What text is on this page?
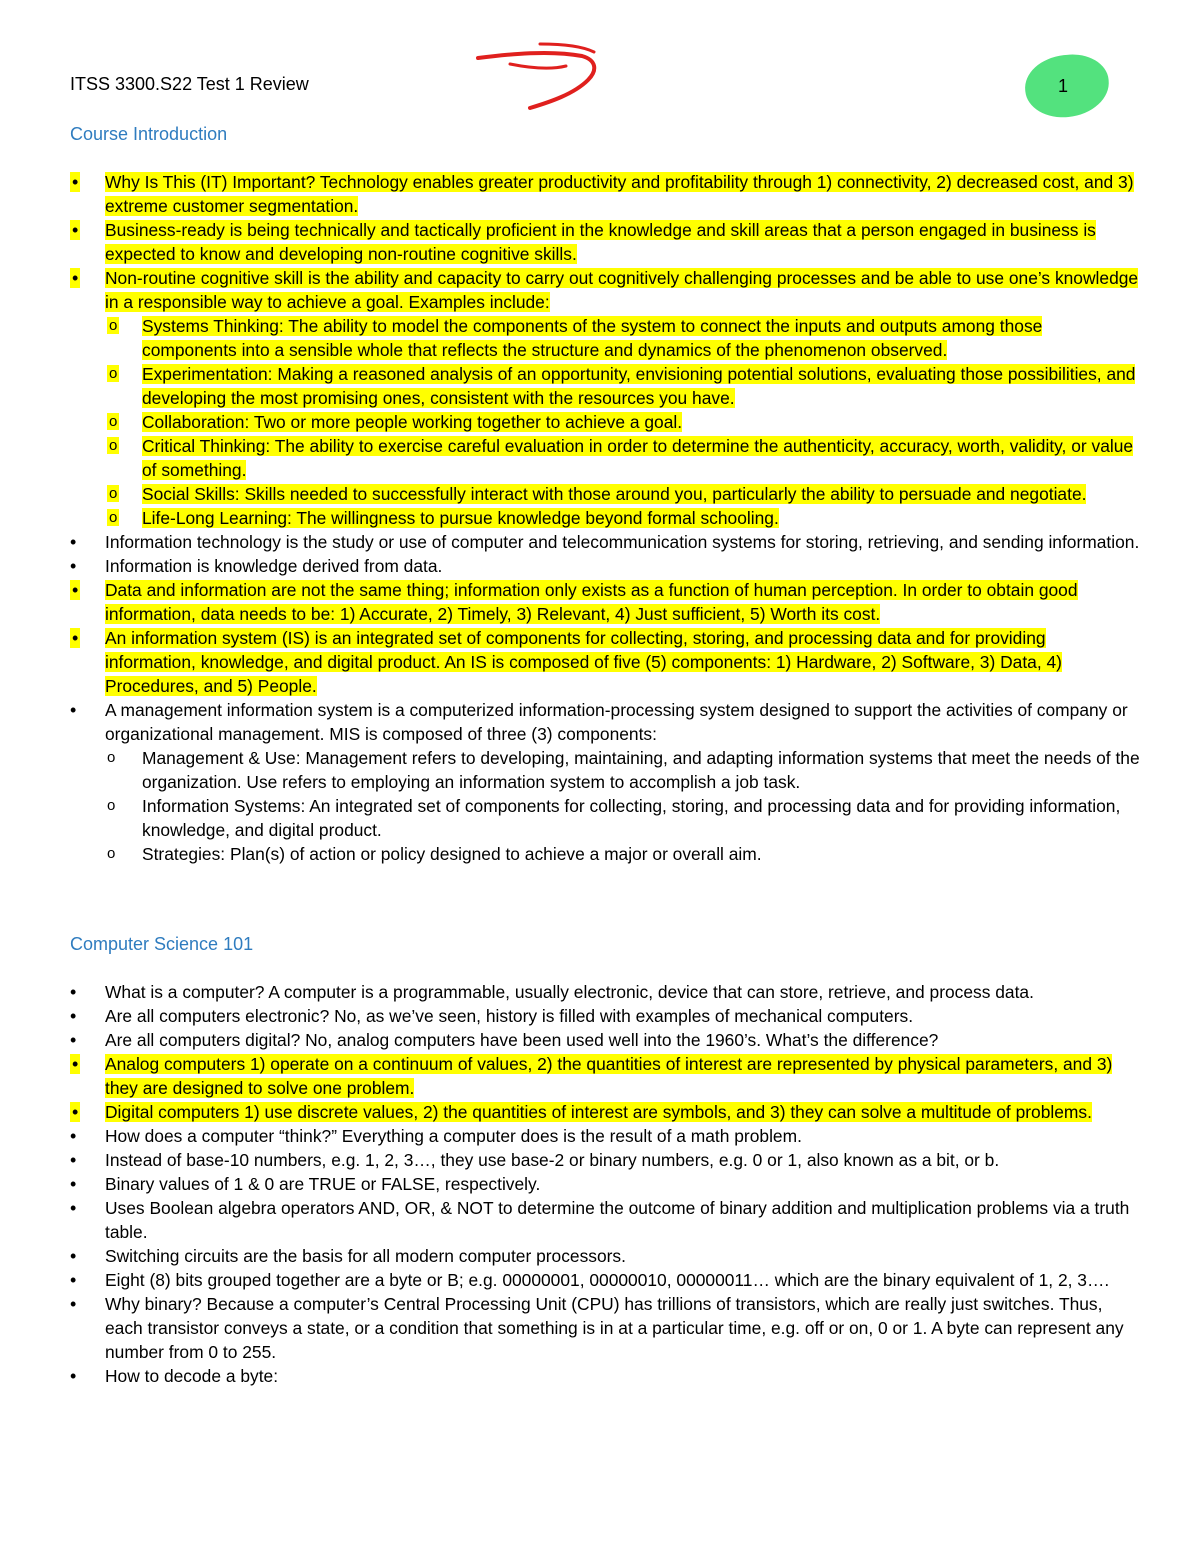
ITSS 3300.S22 Test 1 Review	1
Course Introduction
•	Why Is This (IT) Important? Technology enables greater productivity and profitability through 1) connectivity, 2) decreased cost, and 3) extreme customer segmentation.
•	Business-ready is being technically and tactically proficient in the knowledge and skill areas that a person engaged in business is expected to know and developing non-routine cognitive skills.
•	Non-routine cognitive skill is the ability and capacity to carry out cognitively challenging processes and be able to use one’s knowledge in a responsible way to achieve a goal. Examples include:
o	Systems Thinking: The ability to model the components of the system to connect the inputs and outputs among those components into a sensible whole that reflects the structure and dynamics of the phenomenon observed.
o	Experimentation: Making a reasoned analysis of an opportunity, envisioning potential solutions, evaluating those possibilities, and developing the most promising ones, consistent with the resources you have.
o	Collaboration: Two or more people working together to achieve a goal.
o	Critical Thinking: The ability to exercise careful evaluation in order to determine the authenticity, accuracy, worth, validity, or value of something.
o	Social Skills: Skills needed to successfully interact with those around you, particularly the ability to persuade and negotiate.
o	Life-Long Learning: The willingness to pursue knowledge beyond formal schooling.
•	Information technology is the study or use of computer and telecommunication systems for storing, retrieving, and sending information.
•	Information is knowledge derived from data.
•	Data and information are not the same thing; information only exists as a function of human perception. In order to obtain good information, data needs to be: 1) Accurate, 2) Timely, 3) Relevant, 4) Just sufficient, 5) Worth its cost.
•	An information system (IS) is an integrated set of components for collecting, storing, and processing data and for providing information, knowledge, and digital product. An IS is composed of five (5) components: 1) Hardware, 2) Software, 3) Data, 4) Procedures, and 5) People.
•	A management information system is a computerized information-processing system designed to support the activities of company or organizational management. MIS is composed of three (3) components:
o	Management & Use: Management refers to developing, maintaining, and adapting information systems that meet the needs of the organization. Use refers to employing an information system to accomplish a job task.
o	Information Systems: An integrated set of components for collecting, storing, and processing data and for providing information, knowledge, and digital product.
o	Strategies: Plan(s) of action or policy designed to achieve a major or overall aim.
Computer Science 101
•	What is a computer? A computer is a programmable, usually electronic, device that can store, retrieve, and process data.
•	Are all computers electronic? No, as we’ve seen, history is filled with examples of mechanical computers.
•	Are all computers digital? No, analog computers have been used well into the 1960’s. What’s the difference?
•	Analog computers 1) operate on a continuum of values, 2) the quantities of interest are represented by physical parameters, and 3) they are designed to solve one problem.
•	Digital computers 1) use discrete values, 2) the quantities of interest are symbols, and 3) they can solve a multitude of problems.
•	How does a computer “think?” Everything a computer does is the result of a math problem.
•	Instead of base-10 numbers, e.g. 1, 2, 3…, they use base-2 or binary numbers, e.g. 0 or 1, also known as a bit, or b.
•	Binary values of 1 & 0 are TRUE or FALSE, respectively.
•	Uses Boolean algebra operators AND, OR, & NOT to determine the outcome of binary addition and multiplication problems via a truth table.
•	Switching circuits are the basis for all modern computer processors.
•	Eight (8) bits grouped together are a byte or B; e.g. 00000001, 00000010, 00000011… which are the binary equivalent of 1, 2, 3….
•	Why binary? Because a computer’s Central Processing Unit (CPU) has trillions of transistors, which are really just switches. Thus, each transistor conveys a state, or a condition that something is in at a particular time, e.g. off or on, 0 or 1. A byte can represent any number from 0 to 255.
•	How to decode a byte:
